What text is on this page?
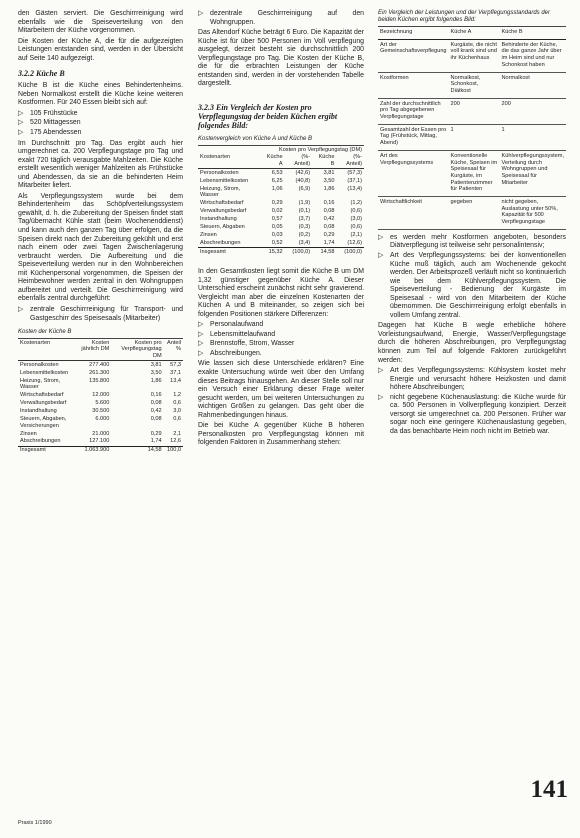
den Gästen serviert. Die Geschirrreinigung wird ebenfalls wie die Speiseverteilung von den Mitarbeitern der Küche vorgenommen.

Die Kosten der Küche A, die für die aufgezeigten Leistungen entstanden sind, werden in der Übersicht auf Seite 140 aufgezeigt.

3.2.2 Küche B

Küche B ist die Küche eines Behindertenheims. Neben Normalkost erstellt die Küche keine weiteren Kostformen. Für 240 Essen bleibt sich auf:

▷ 105 Frühstücke
▷ 520 Mittagessen
▷ 175 Abendessen

Im Durchschnitt pro Tag. Das ergibt auch hier umgerechnet ca. 200 Verpflegungstage pro Tag und exakt 720 täglich verausgabte Mahlzeiten. Die Küche erstellt wesentlich weniger Mahlzeiten als Frühstücke und Abendessen, da sie an die behinderten Heim Mitarbeiter liefert.

Als Verpflegungssystem wurde bei dem Behindertenheim das Schöpfverteilungssystem gewählt, d. h. die Zubereitung der Speisen findet statt Tag/übernacht Kühle statt (beim Wochenenddienst) und kann auch den ganzen Tag über erfolgen, da die Speisen direkt nach der Zubereitung gekühlt und erst nach einem oder zwei Tagen Zwischenlagerung verbraucht werden. Die Aufbereitung und die Speiseverteilung werden nur in den Wohnbereichen mit Küchenpersonal vorgenommen, die Speisen der Heimbewohner werden zentral in den Wohngruppen aufbereitet und verteilt. Die Geschirrreinigung wird ebenfalls zentral durchgeführt:

▷ zentrale Geschirrreinigung für Transport- und Gastgeschirr des Speisesaals (Mitarbeiter)
Kosten der Küche B
Kostenarten	Kosten jährlich DM	Kosten pro Verpflegungstag DM	Anteil %
Personalkosten	277.400	3,81	57,3
Lebensmittelkosten	261.300	3,50	37,1
Heizung, Strom, Wasser	135.800	1,86	13,4
Wirtschaftsbedarf	12.000	0,16	1,2
Verwaltungsbedarf	5.600	0,08	0,6
Instandhaltung	30.500	0,42	3,0
Steuern, Abgaben, Versicherungen	6.000	0,08	0,6
Zinsen	21.000	0,29	2,1
Abschreibungen	127.100	1,74	12,6
Insgesamt	1.063.900	14,58	100,0
▷ dezentrale Geschirrreinigung auf den Wohngruppen.

Das Altendorf Küche beträgt 6 Euro. Die Kapazität der Küche ist für über 500 Personen im Voll verpflegung ausgelegt, derzeit besteht sie durchschnittlich 200 Verpflegungstage pro Tag. Die Kosten der Küche B, die für die erbrachten Leistungen der Küche entstanden sind, werden in der vorstehenden Tabelle dargestellt.

3.2.3 Ein Vergleich der Kosten pro Verpflegungstag der beiden Küchen ergibt folgendes Bild:
Kostenvergleich von Küche A und Küche B
	Kosten pro Verpflegungstag (DM)			
Kostenarten	Küche A	(%-Anteil)	Küche B	(%-Anteil)
Personalkosten	6,53	(42,6)	3,81	(57,3)
Lebensmittelkosten	6,25	(40,8)	3,50	(37,1)
Heizung, Strom, Wasser	1,06	(6,9)	1,86	(13,4)
Wirtschaftsbedarf	0,29	(1,9)	0,16	(1,2)
Verwaltungsbedarf	0,02	(0,1)	0,08	(0,6)
Instandhaltung	0,57	(3,7)	0,42	(3,0)
Steuern, Abgaben	0,05	(0,3)	0,08	(0,6)
Zinsen	0,03	(0,2)	0,29	(2,1)
Abschreibungen	0,52	(3,4)	1,74	(12,6)
Insgesamt	15,32	(100,0)	14,58	(100,0)

In den Gesamtkosten liegt somit die Küche B um DM 1,32 günstiger gegenüber Küche A. Dieser Unterschied erscheint zunächst nicht sehr gravierend. Vergleicht man aber die einzelnen Kostenarten der Küchen A und B miteinander, so zeigen sich bei folgenden Positionen stärkere Differenzen:

▷ Personalaufwand
▷ Lebensmittelaufwand
▷ Brennstoffe, Strom, Wasser
▷ Abschreibungen.

Wie lassen sich diese Unterschiede erklären? Eine exakte Untersuchung würde weit über den Umfang dieses Beitrags hinausgehen. An dieser Stelle soll nur ein Versuch einer Erklärung dieser Frage weiter gesucht werden, um bei weiteren Untersuchungen zu wichtigen Größen zu gelangen. Das geht über die Rahmenbedingungen hinaus.

Die bei Küche A gegenüber Küche B höheren Personalkosten pro Verpflegungstag können mit folgenden Faktoren in Zusammenhang stehen:

Ein Vergleich der Leistungen und der Verpflegungsstandards der beiden Küchen ergibt folgendes Bild:
Bezeichnung	Küche A	Küche B
Art der Gemeinschaftsverpflegung	Kurgäste, die nicht voll krank sind und ihr Küchenhaus	Behinderte der Küche, die das ganze Jahr über im Heim sind und nur Schonkost haben
Kostformen	Normalkost, Schonkost, Diätkost	Normalkost
Zahl der durchschnittlich pro Tag abgegebenen Verpflegungstage	200	200
Gesamtzahl der Essen pro Tag (Frühstück, Mittag, Abend)	1	1
Art des Verpflegungssystems	Konventionelle Küche, Speisen im Speisesaal für Kurgäste, im Patientenzimmer für Patienten	Kühlverpflegungssystem, Verteilung durch Wohngruppen und Speisesaal für Mitarbeiter
Wirtschaftlichkeit	gegeben	nicht gegeben, Auslastung unter 50%, Kapazität für 500 Verpflegungstage
▷ es werden mehr Kostformen angeboten, besonders Diätverpflegung ist teilweise sehr personalintensiv;
▷ Art des Verpflegungssystems: bei der konventionellen Küche muß täglich, auch am Wochenende gekocht werden. Der Arbeitsprozeß verläuft nicht so kontinuierlich wie bei dem Kühlverpflegungssystem. Die Speiseverteilung - Bedienung der Kurgäste im Speisesaal - wird von den Mitarbeitern der Küche übernommen. Die Geschirrreinigung erfolgt ebenfalls in vollem Umfang zentral.

Dagegen hat Küche B wegle erhebliche höhere Vorleistungsaufwand, Energie, Wasser/Verpflegungstage durch die höheren Abschreibungen, pro Verpflegungstag können zum Teil auf folgende Faktoren zurückgeführt werden:

▷ Art des Verpflegungssystems: Kühlsystem kostet mehr Energie und verursacht höhere Heizkosten und damit höhere Abschreibungen;
▷ nicht gegebene Küchenauslastung: die Küche wurde für ca. 500 Personen in Vollverpflegung konzipiert. Derzeit versorgt sie umgerechnet ca. 200 Personen. Früher war sogar noch eine geringere Küchenauslastung gegeben, da das benachbarte Heim noch nicht im Betrieb war.
141
Praxis 1/1990
